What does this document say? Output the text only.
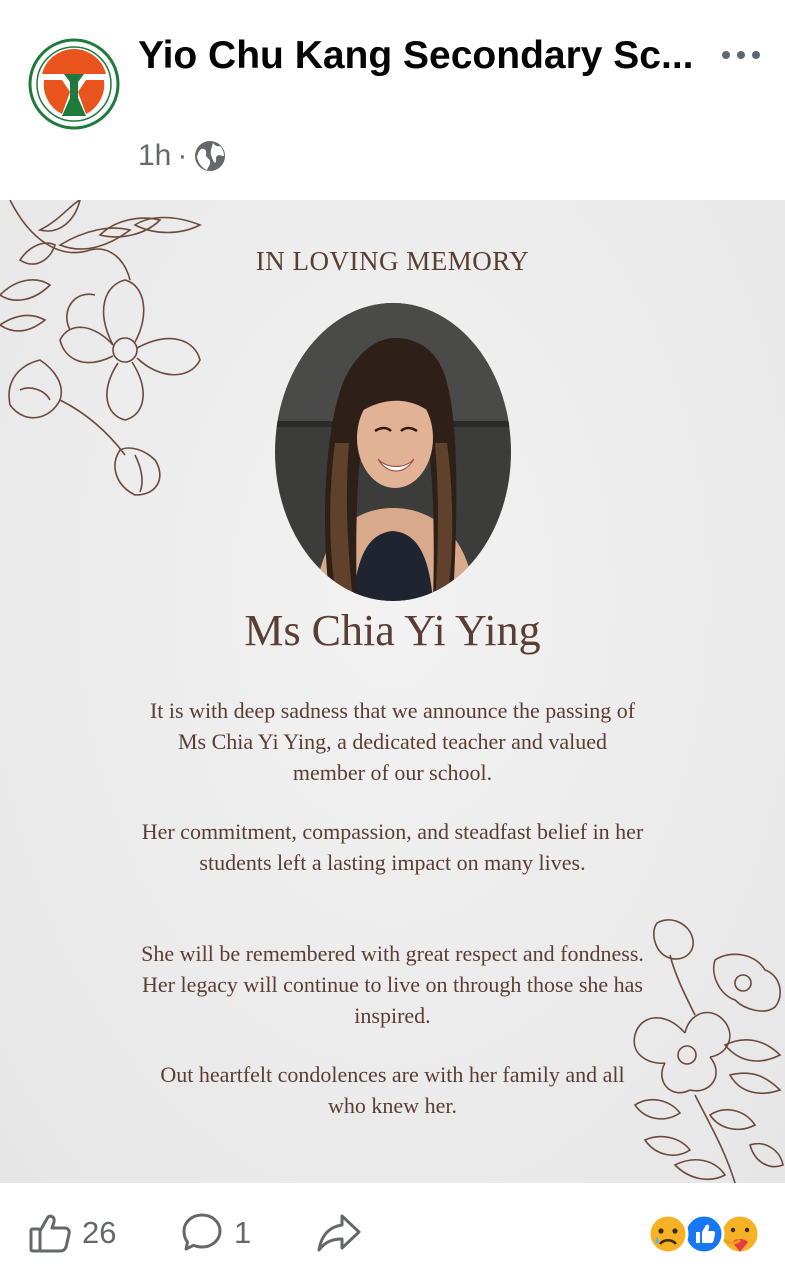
Yio Chu Kang Secondary Sc...
1h ·
IN LOVING MEMORY
Ms Chia Yi Ying
It is with deep sadness that we announce the passing of Ms Chia Yi Ying, a dedicated teacher and valued member of our school.
Her commitment, compassion, and steadfast belief in her students left a lasting impact on many lives.
She will be remembered with great respect and fondness. Her legacy will continue to live on through those she has inspired.
Out heartfelt condolences are with her family and all who knew her.
26	1
